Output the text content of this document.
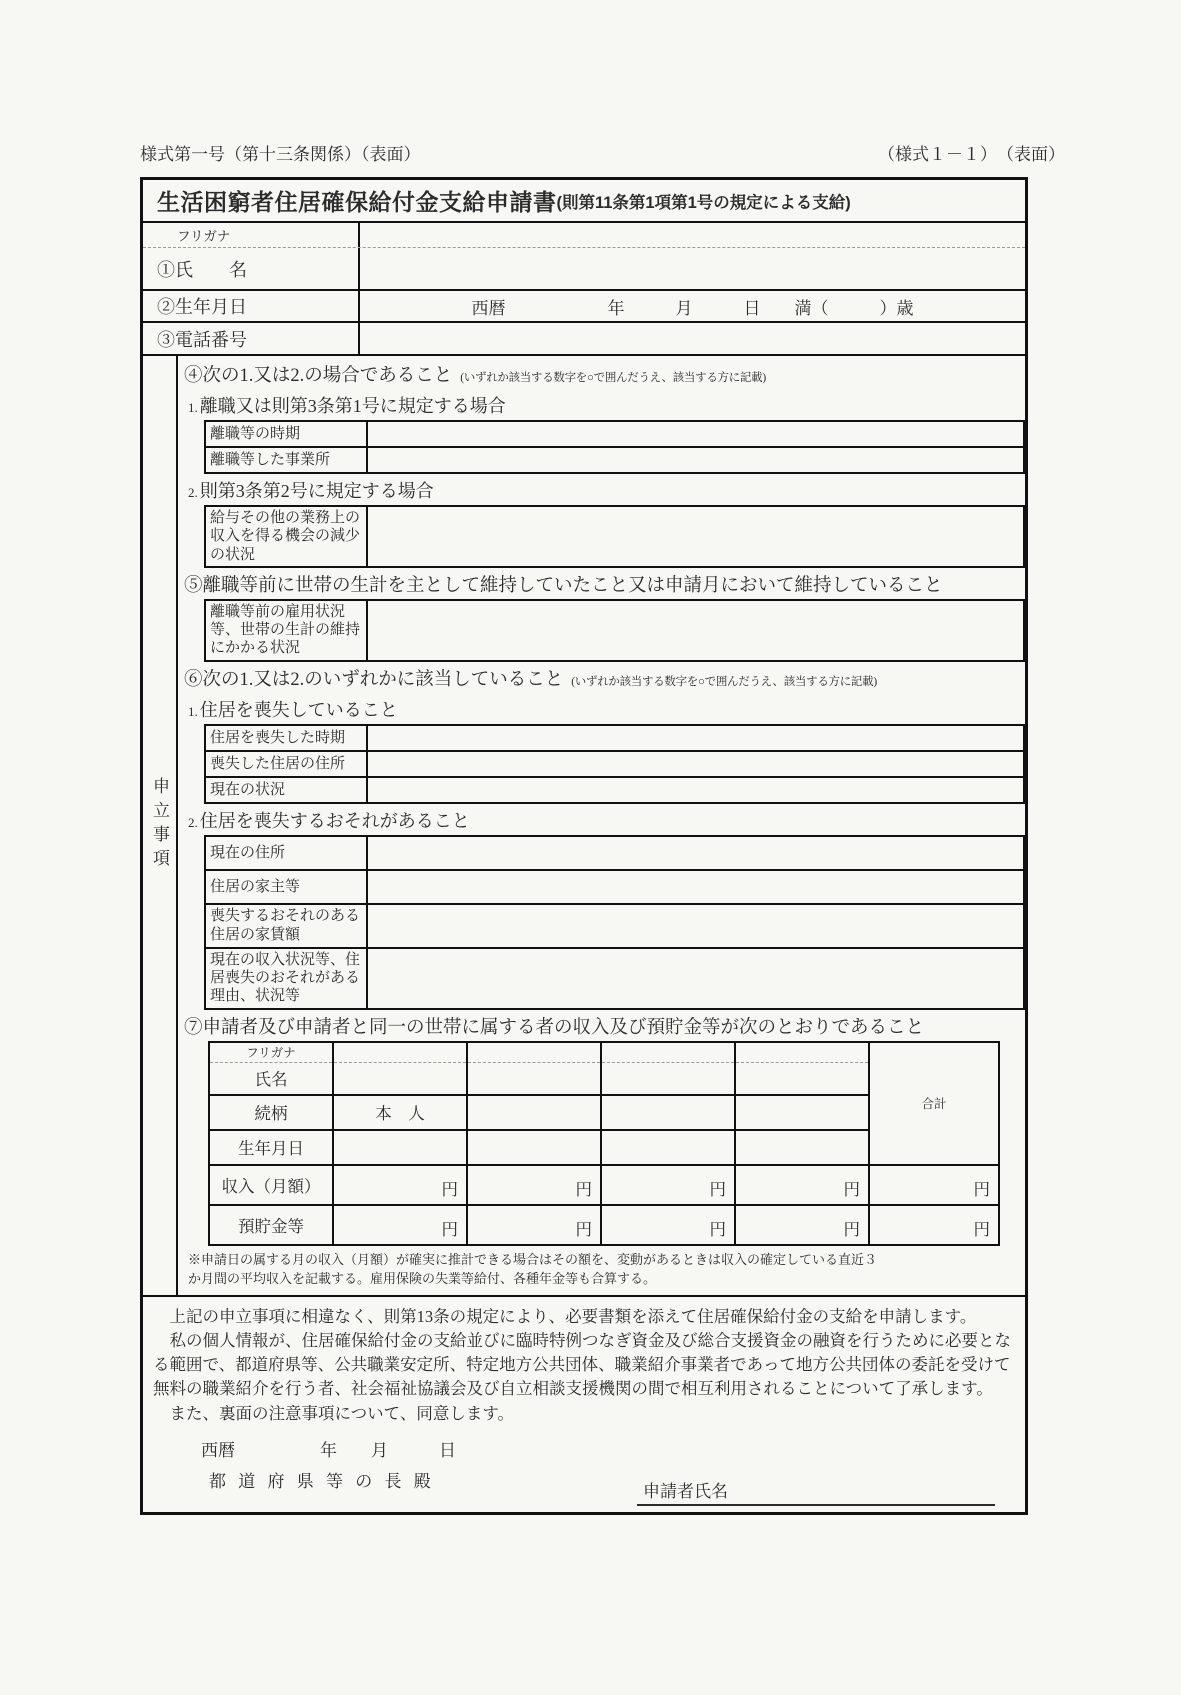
様式第一号（第十三条関係）（表面）	（様式１－１）　（表面）
生活困窮者住居確保給付金支給申請書 (則第11条第1項第1号の規定による支給)
フリガナ
①氏　　名
②生年月日	西暦　　　　　　年　　　月　　　日　　満（　　　）歳
③電話番号
申立事項
④次の1.又は2.の場合であること (いずれか該当する数字を○で囲んだうえ、該当する方に記載)
1. 離職又は則第3条第1号に規定する場合
離職等の時期	
離職等した事業所	
2. 則第3条第2号に規定する場合
給与その他の業務上の収入を得る機会の減少の状況	
⑤離職等前に世帯の生計を主として維持していたこと又は申請月において維持していること
離職等前の雇用状況等、世帯の生計の維持にかかる状況	
⑥次の1.又は2.のいずれかに該当していること (いずれか該当する数字を○で囲んだうえ、該当する方に記載)
1. 住居を喪失していること
住居を喪失した時期	
喪失した住居の住所	
現在の状況	
2. 住居を喪失するおそれがあること
現在の住所	
住居の家主等	
喪失するおそれのある住居の家賃額	
現在の収入状況等、住居喪失のおそれがある理由、状況等	
⑦申請者及び申請者と同一の世帯に属する者の収入及び預貯金等が次のとおりであること
フリガナ					合計
氏名					
続柄	本　人				
生年月日					
収入（月額）	円	円	円	円	円
預貯金等	円	円	円	円	円
※申請日の属する月の収入（月額）が確実に推計できる場合はその額を、変動があるときは収入の確定している直近３
か月間の平均収入を記載する。雇用保険の失業等給付、各種年金等も合算する。

　上記の申立事項に相違なく、則第13条の規定により、必要書類を添えて住居確保給付金の支給を申請します。

　私の個人情報が、住居確保給付金の支給並びに臨時特例つなぎ資金及び総合支援資金の融資を行うために必要となる範囲で、都道府県等、公共職業安定所、特定地方公共団体、職業紹介事業者であって地方公共団体の委託を受けて無料の職業紹介を行う者、社会福祉協議会及び自立相談支援機関の間で相互利用されることについて了承します。

　また、裏面の注意事項について、同意します。

西暦　　　　　年　　月　　　日
都 道 府 県 等 の 長 殿
申請者氏名
